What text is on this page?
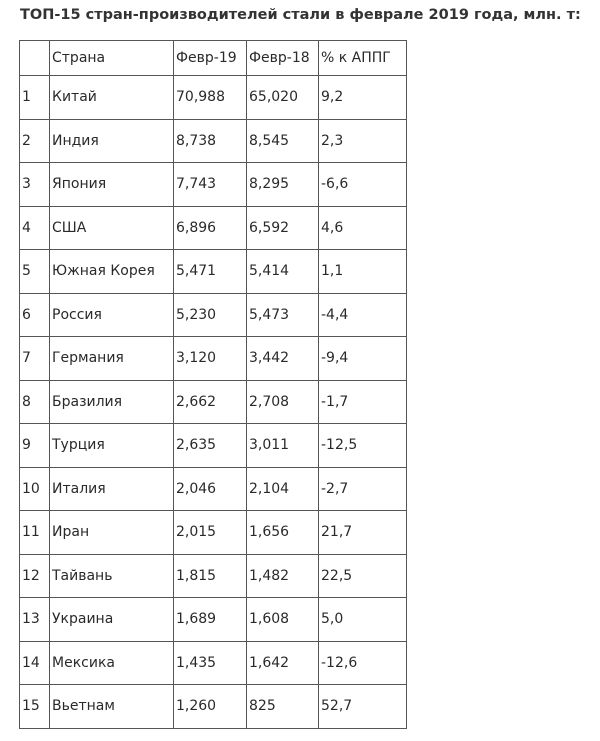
ТОП-15 стран-производителей стали в феврале 2019 года, млн. т:
	Страна	Февр-19	Февр-18	% к АППГ
1	Китай	70,988	65,020	9,2
2	Индия	8,738	8,545	2,3
3	Япония	7,743	8,295	-6,6
4	США	6,896	6,592	4,6
5	Южная Корея	5,471	5,414	1,1
6	Россия	5,230	5,473	-4,4
7	Германия	3,120	3,442	-9,4
8	Бразилия	2,662	2,708	-1,7
9	Турция	2,635	3,011	-12,5
10	Италия	2,046	2,104	-2,7
11	Иран	2,015	1,656	21,7
12	Тайвань	1,815	1,482	22,5
13	Украина	1,689	1,608	5,0
14	Мексика	1,435	1,642	-12,6
15	Вьетнам	1,260	825	52,7
